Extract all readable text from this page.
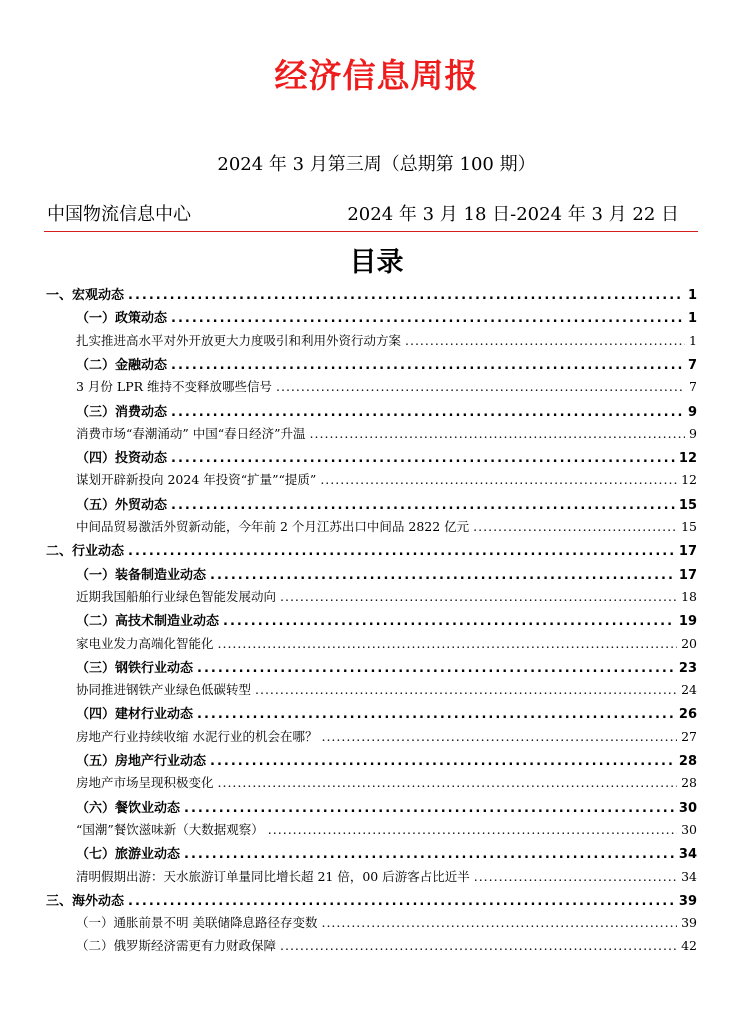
经济信息周报
2024 年 3 月第三周（总期第 100 期）
中国物流信息中心	2024 年 3 月 18 日-2024 年 3 月 22 日
目录
一、宏观动态 .....	1
（一）政策动态 .....	1
扎实推进高水平对外开放更大力度吸引和利用外资行动方案 .....	1
（二）金融动态 .....	7
3 月份 LPR 维持不变释放哪些信号 .....	7
（三）消费动态 .....	9
消费市场“春潮涌动” 中国“春日经济”升温 .....	9
（四）投资动态 .....	12
谋划开辟新投向 2024 年投资“扩量”“提质” .....	12
（五）外贸动态 .....	15
中间品贸易激活外贸新动能，今年前 2 个月江苏出口中间品 2822 亿元 .....	15
二、行业动态 .....	17
（一）装备制造业动态 .....	17
近期我国船舶行业绿色智能发展动向 .....	18
（二）高技术制造业动态 .....	19
家电业发力高端化智能化 .....	20
（三）钢铁行业动态 .....	23
协同推进钢铁产业绿色低碳转型 .....	24
（四）建材行业动态 .....	26
房地产行业持续收缩 水泥行业的机会在哪？ .....	27
（五）房地产行业动态 .....	28
房地产市场呈现积极变化 .....	28
（六）餐饮业动态 .....	30
“国潮”餐饮滋味新（大数据观察） .....	30
（七）旅游业动态 .....	34
清明假期出游：天水旅游订单量同比增长超 21 倍，00 后游客占比近半 .....	34
三、海外动态 .....	39
（一）通胀前景不明 美联储降息路径存变数 .....	39
（二）俄罗斯经济需更有力财政保障 .....	42
